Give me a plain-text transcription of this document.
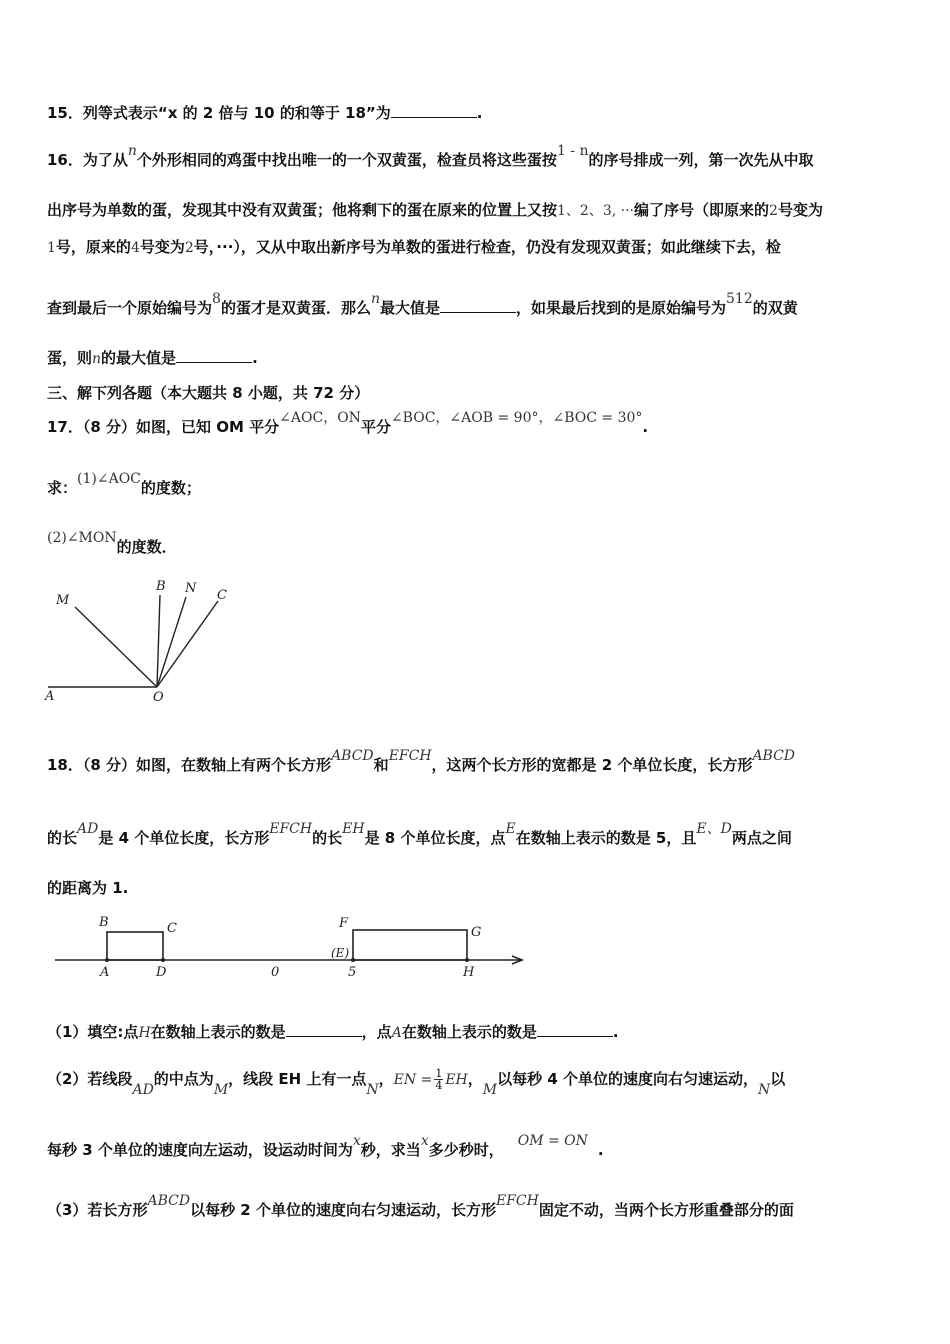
15．列等式表示“x 的 2 倍与 10 的和等于 18”为	.
16．为了从n个外形相同的鸡蛋中找出唯一的一个双黄蛋，检查员将这些蛋按1 - n的序号排成一列，第一次先从中取
出序号为单数的蛋，发现其中没有双黄蛋；他将剩下的蛋在原来的位置上又按1、2、3, ···编了序号（即原来的2号变为
1号，原来的4号变为2号，···），又从中取出新序号为单数的蛋进行检查，仍没有发现双黄蛋；如此继续下去，检
查到最后一个原始编号为8的蛋才是双黄蛋．那么n最大值是	，如果最后找到的是原始编号为512的双黄
蛋，则n的最大值是	.
三、解下列各题（本大题共 8 小题，共 72 分）
17．（8 分）如图，已知 OM 平分∠AOC，ON平分∠BOC，∠AOB = 90°，∠BOC = 30°.
求：(1)∠AOC的度数；
(2)∠MON的度数．
M
B N C
A	O
18．（8 分）如图，在数轴上有两个长方形ABCD和EFCH，这两个长方形的宽都是 2 个单位长度，长方形ABCD
的长AD是 4 个单位长度，长方形EFCH的长EH是 8 个单位长度，点E在数轴上表示的数是 5，且E、D两点之间
的距离为 1.
B	C	F
G
A	D	0
(E)
5	H
（1）填空:点H在数轴上表示的数是	，点A在数轴上表示的数是	.
（2）若线段AD的中点为M，线段 EH 上有一点N，EN = $\frac{1}{4}$ EH，M以每秒 4 个单位的速度向右匀速运动，N以
每秒 3 个单位的速度向左运动，设运动时间为x秒，求当x多少秒时， OM = ON .
（3）若长方形ABCD以每秒 2 个单位的速度向右匀速运动，长方形EFCH固定不动，当两个长方形重叠部分的面
